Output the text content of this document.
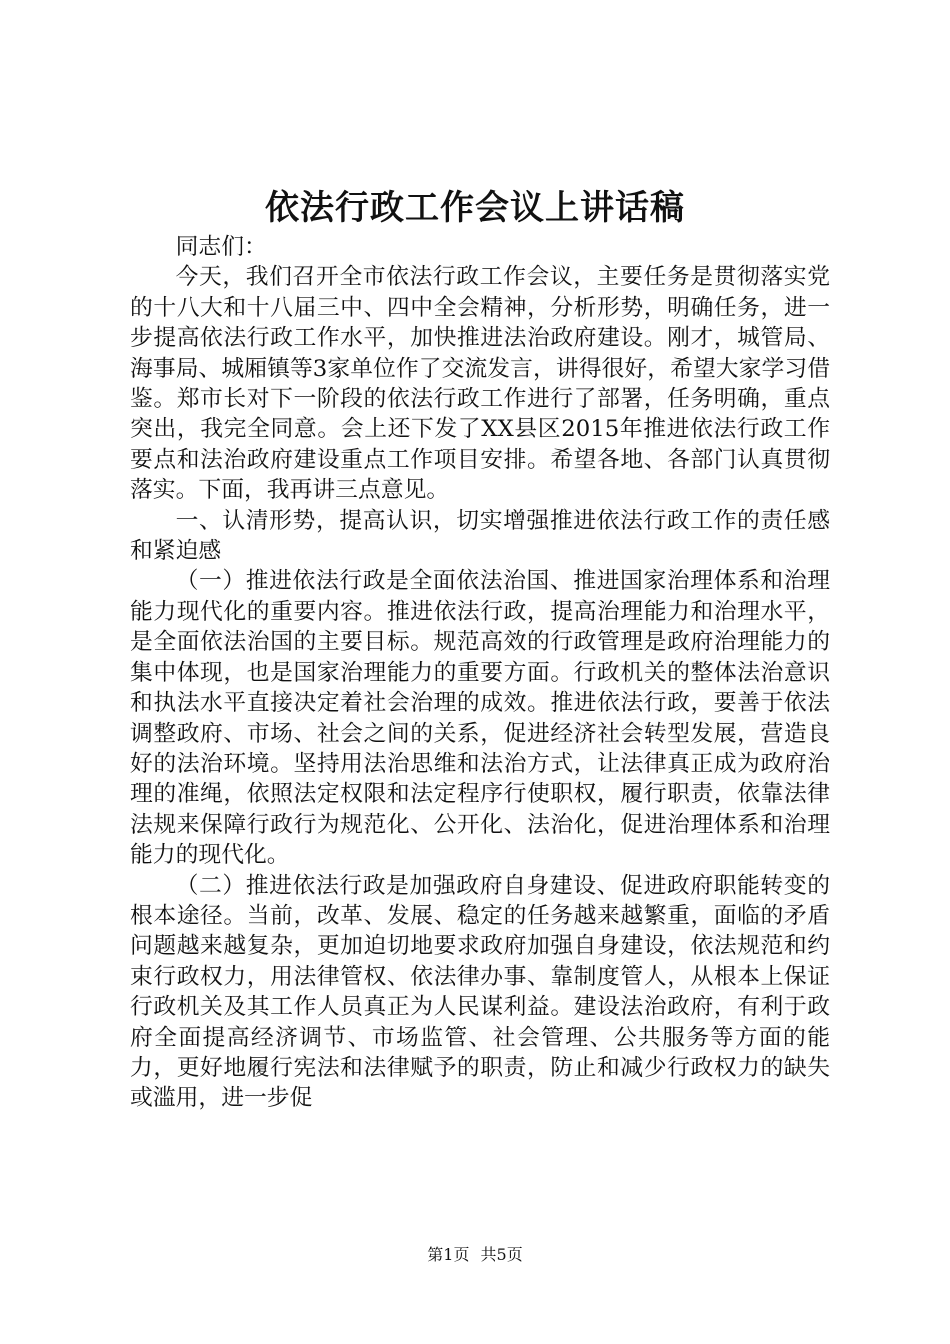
依法行政工作会议上讲话稿

同志们：

今天，我们召开全市依法行政工作会议，主要任务是贯彻落实党的十八大和十八届三中、四中全会精神，分析形势，明确任务，进一步提高依法行政工作水平，加快推进法治政府建设。刚才，城管局、海事局、城厢镇等3家单位作了交流发言，讲得很好，希望大家学习借鉴。郑市长对下一阶段的依法行政工作进行了部署，任务明确，重点突出，我完全同意。会上还下发了XX县区2015年推进依法行政工作要点和法治政府建设重点工作项目安排。希望各地、各部门认真贯彻落实。下面，我再讲三点意见。

一、认清形势，提高认识，切实增强推进依法行政工作的责任感和紧迫感

（一）推进依法行政是全面依法治国、推进国家治理体系和治理能力现代化的重要内容。推进依法行政，提高治理能力和治理水平，是全面依法治国的主要目标。规范高效的行政管理是政府治理能力的集中体现，也是国家治理能力的重要方面。行政机关的整体法治意识和执法水平直接决定着社会治理的成效。推进依法行政，要善于依法调整政府、市场、社会之间的关系，促进经济社会转型发展，营造良好的法治环境。坚持用法治思维和法治方式，让法律真正成为政府治理的准绳，依照法定权限和法定程序行使职权，履行职责，依靠法律法规来保障行政行为规范化、公开化、法治化，促进治理体系和治理能力的现代化。

（二）推进依法行政是加强政府自身建设、促进政府职能转变的根本途径。当前，改革、发展、稳定的任务越来越繁重，面临的矛盾问题越来越复杂，更加迫切地要求政府加强自身建设，依法规范和约束行政权力，用法律管权、依法律办事、靠制度管人，从根本上保证行政机关及其工作人员真正为人民谋利益。建设法治政府，有利于政府全面提高经济调节、市场监管、社会管理、公共服务等方面的能力，更好地履行宪法和法律赋予的职责，防止和减少行政权力的缺失或滥用，进一步促

第1页 共5页
